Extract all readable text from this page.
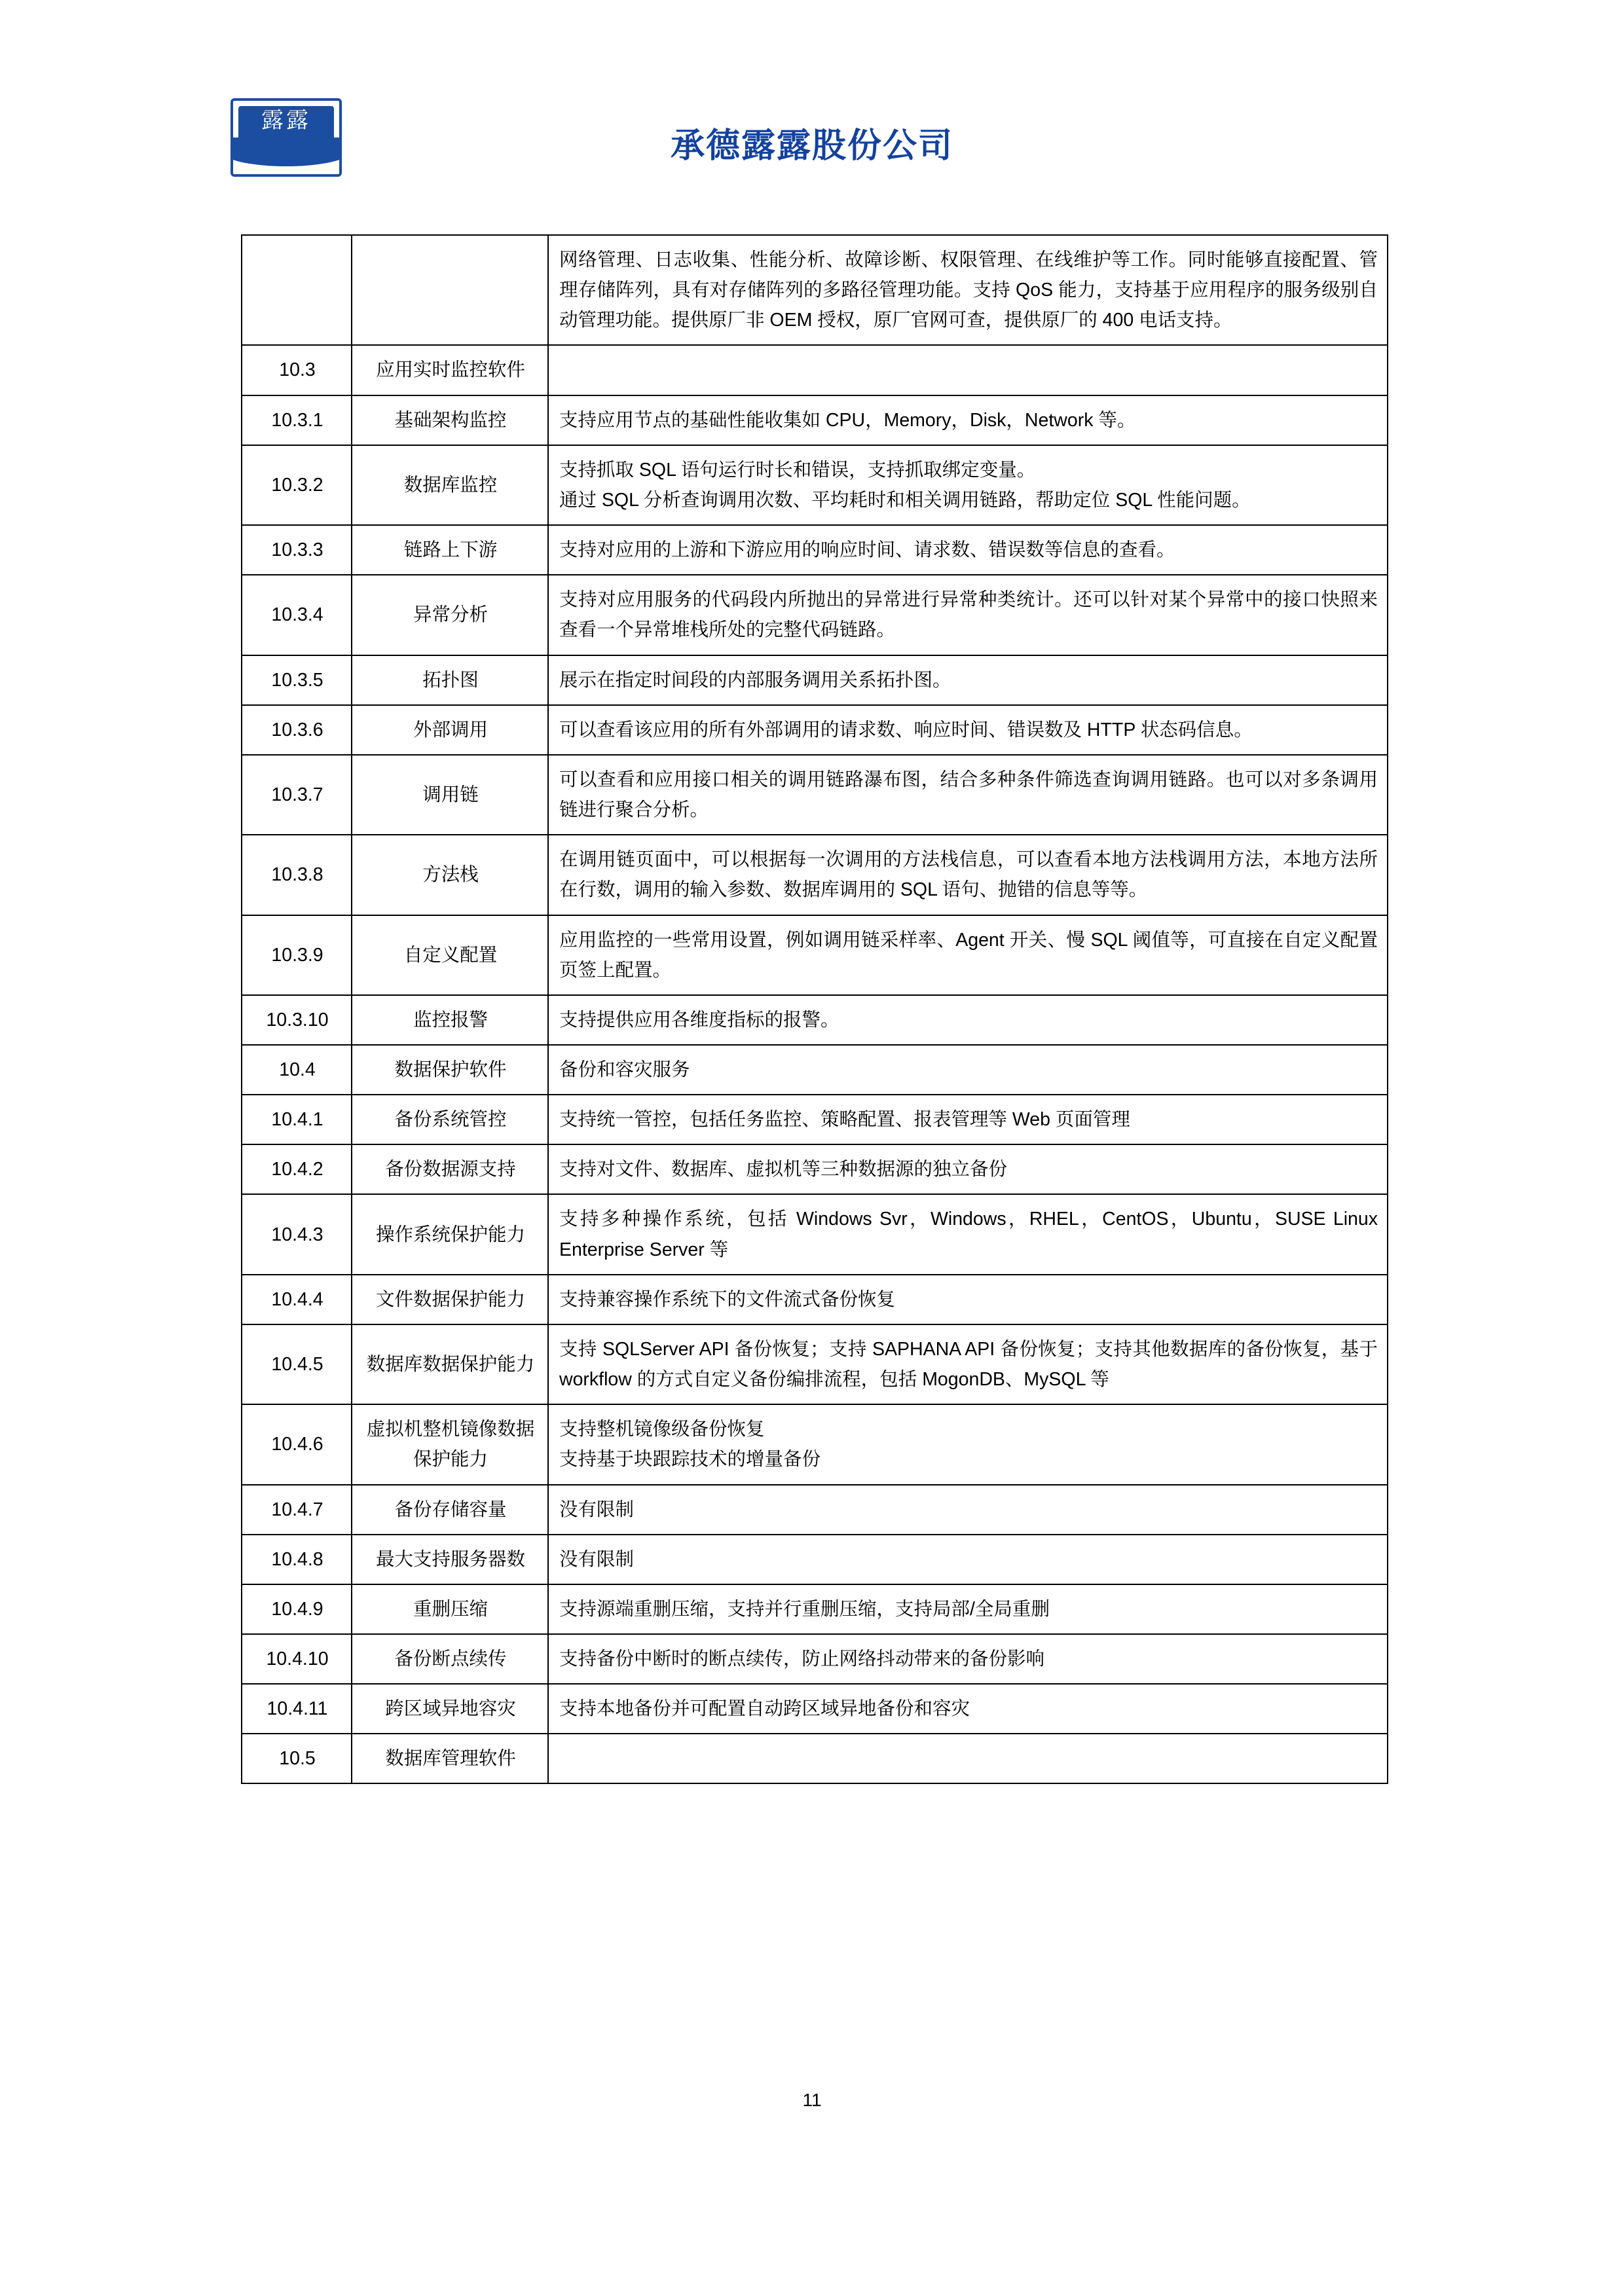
露露
承德露露股份公司
		网络管理、日志收集、性能分析、故障诊断、权限管理、在线维护等工作。同时能够直接配置、管理存储阵列，具有对存储阵列的多路径管理功能。支持 QoS 能力，支持基于应用程序的服务级别自动管理功能。提供原厂非 OEM 授权，原厂官网可查，提供原厂的 400 电话支持。
10.3	应用实时监控软件	
10.3.1	基础架构监控	支持应用节点的基础性能收集如 CPU，Memory，Disk，Network 等。
10.3.2	数据库监控	支持抓取 SQL 语句运行时长和错误，支持抓取绑定变量。
通过 SQL 分析查询调用次数、平均耗时和相关调用链路，帮助定位 SQL 性能问题。
10.3.3	链路上下游	支持对应用的上游和下游应用的响应时间、请求数、错误数等信息的查看。
10.3.4	异常分析	支持对应用服务的代码段内所抛出的异常进行异常种类统计。还可以针对某个异常中的接口快照来查看一个异常堆栈所处的完整代码链路。
10.3.5	拓扑图	展示在指定时间段的内部服务调用关系拓扑图。
10.3.6	外部调用	可以查看该应用的所有外部调用的请求数、响应时间、错误数及 HTTP 状态码信息。
10.3.7	调用链	可以查看和应用接口相关的调用链路瀑布图，结合多种条件筛选查询调用链路。也可以对多条调用链进行聚合分析。
10.3.8	方法栈	在调用链页面中，可以根据每一次调用的方法栈信息，可以查看本地方法栈调用方法，本地方法所在行数，调用的输入参数、数据库调用的 SQL 语句、抛错的信息等等。
10.3.9	自定义配置	应用监控的一些常用设置，例如调用链采样率、Agent 开关、慢 SQL 阈值等，可直接在自定义配置页签上配置。
10.3.10	监控报警	支持提供应用各维度指标的报警。
10.4	数据保护软件	备份和容灾服务
10.4.1	备份系统管控	支持统一管控，包括任务监控、策略配置、报表管理等 Web 页面管理
10.4.2	备份数据源支持	支持对文件、数据库、虚拟机等三种数据源的独立备份
10.4.3	操作系统保护能力	支持多种操作系统，包括 Windows Svr，Windows，RHEL，CentOS，Ubuntu，SUSE Linux Enterprise Server 等
10.4.4	文件数据保护能力	支持兼容操作系统下的文件流式备份恢复
10.4.5	数据库数据保护能力	支持 SQLServer API 备份恢复；支持 SAPHANA API 备份恢复；支持其他数据库的备份恢复，基于 workflow 的方式自定义备份编排流程，包括 MogonDB、MySQL 等
10.4.6	虚拟机整机镜像数据保护能力	支持整机镜像级备份恢复
支持基于块跟踪技术的增量备份
10.4.7	备份存储容量	没有限制
10.4.8	最大支持服务器数	没有限制
10.4.9	重删压缩	支持源端重删压缩，支持并行重删压缩，支持局部/全局重删
10.4.10	备份断点续传	支持备份中断时的断点续传，防止网络抖动带来的备份影响
10.4.11	跨区域异地容灾	支持本地备份并可配置自动跨区域异地备份和容灾
10.5	数据库管理软件	
11
